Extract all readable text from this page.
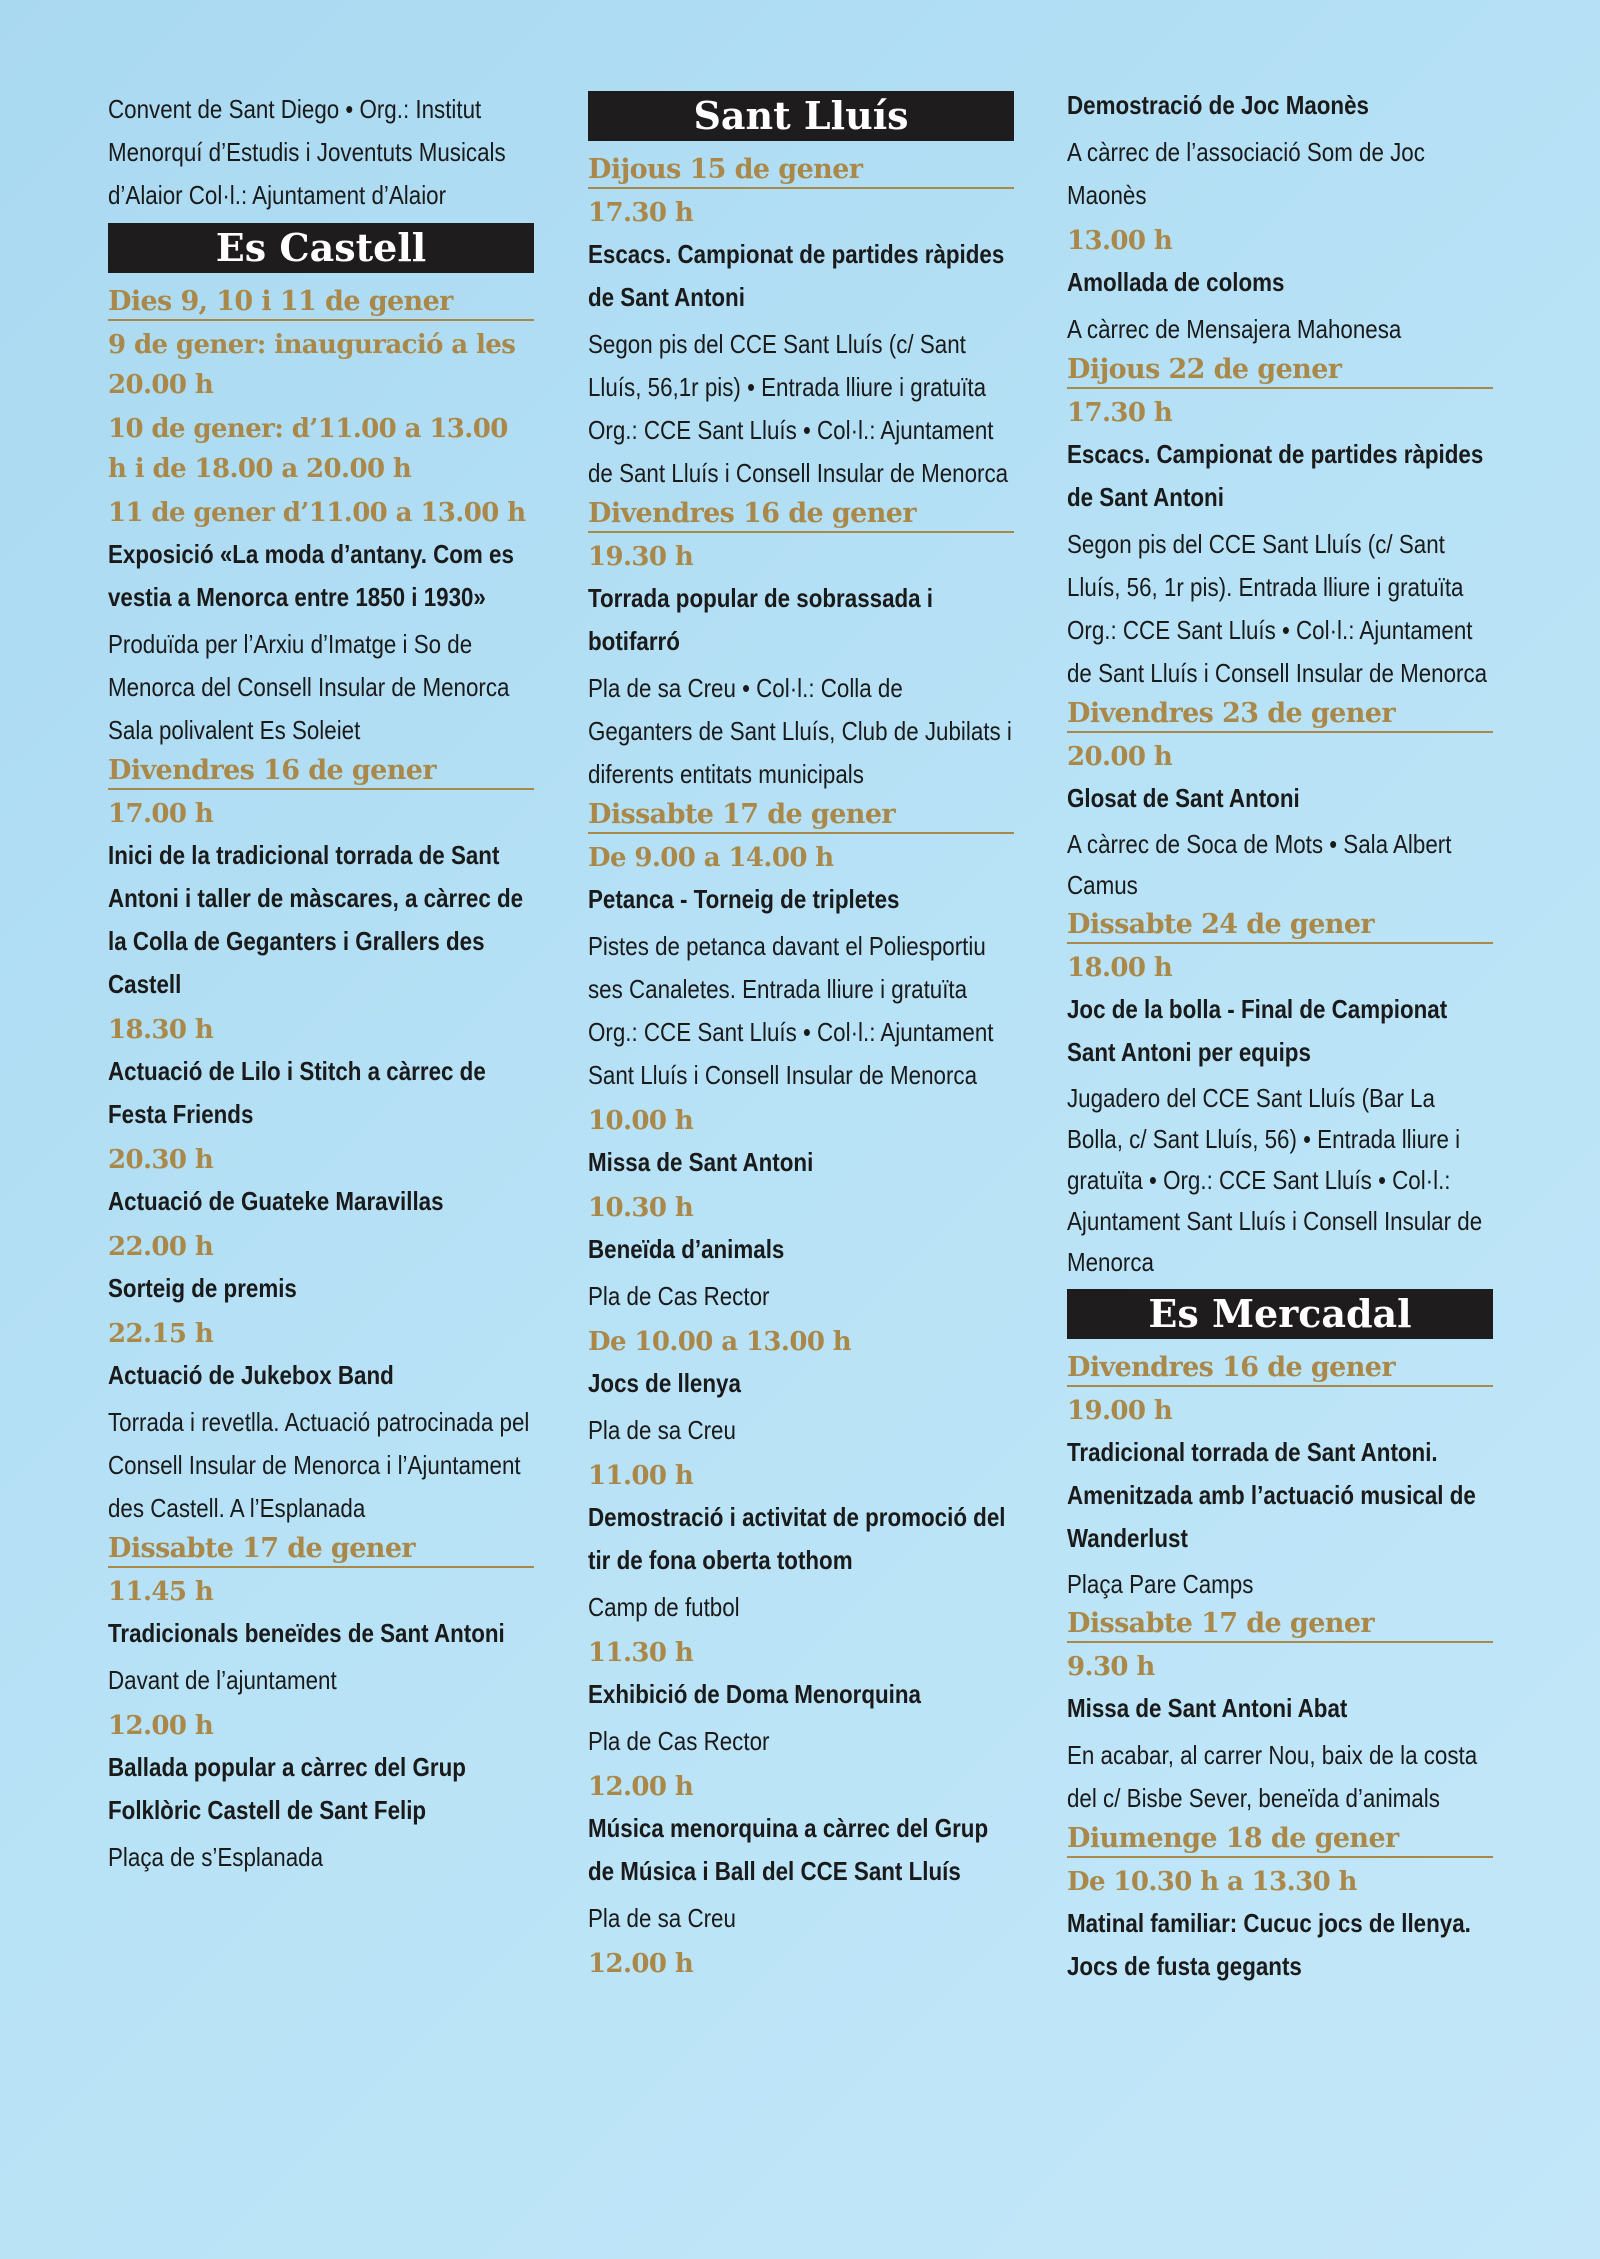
Convent de Sant Diego • Org.: Institut Menorquí d’Estudis i Joventuts Musicals d’Alaior Col·l.: Ajuntament d’Alaior
Es Castell
Dies 9, 10 i 11 de gener
9 de gener: inauguració a les 20.00 h
10 de gener: d’11.00 a 13.00 h i de 18.00 a 20.00 h
11 de gener d’11.00 a 13.00 h
Exposició «La moda d’antany. Com es vestia a Menorca entre 1850 i 1930»
Produïda per l’Arxiu d’Imatge i So de Menorca del Consell Insular de Menorca Sala polivalent Es Soleiet
Divendres 16 de gener
17.00 h
Inici de la tradicional torrada de Sant Antoni i taller de màscares, a càrrec de la Colla de Geganters i Grallers des Castell
18.30 h
Actuació de Lilo i Stitch a càrrec de Festa Friends
20.30 h
Actuació de Guateke Maravillas
22.00 h
Sorteig de premis
22.15 h
Actuació de Jukebox Band
Torrada i revetlla. Actuació patrocinada pel Consell Insular de Menorca i l’Ajuntament des Castell. A l’Esplanada
Dissabte 17 de gener
11.45 h
Tradicionals beneïdes de Sant Antoni
Davant de l’ajuntament
12.00 h
Ballada popular a càrrec del Grup Folklòric Castell de Sant Felip
Plaça de s’Esplanada
Sant Lluís
Dijous 15 de gener
17.30 h
Escacs. Campionat de partides ràpides de Sant Antoni
Segon pis del CCE Sant Lluís (c/ Sant Lluís, 56,1r pis) • Entrada lliure i gratuïta Org.: CCE Sant Lluís • Col·l.: Ajuntament de Sant Lluís i Consell Insular de Menorca
Divendres 16 de gener
19.30 h
Torrada popular de sobrassada i botifarró
Pla de sa Creu • Col·l.: Colla de Geganters de Sant Lluís, Club de Jubilats i diferents entitats municipals
Dissabte 17 de gener
De 9.00 a 14.00 h
Petanca - Torneig de tripletes
Pistes de petanca davant el Poliesportiu ses Canaletes. Entrada lliure i gratuïta Org.: CCE Sant Lluís • Col·l.: Ajuntament Sant Lluís i Consell Insular de Menorca
10.00 h
Missa de Sant Antoni
10.30 h
Beneïda d’animals
Pla de Cas Rector
De 10.00 a 13.00 h
Jocs de llenya
Pla de sa Creu
11.00 h
Demostració i activitat de promoció del tir de fona oberta tothom
Camp de futbol
11.30 h
Exhibició de Doma Menorquina
Pla de Cas Rector
12.00 h
Música menorquina a càrrec del Grup de Música i Ball del CCE Sant Lluís
Pla de sa Creu
12.00 h
Demostració de Joc Maonès
A càrrec de l’associació Som de Joc Maonès
13.00 h
Amollada de coloms
A càrrec de Mensajera Mahonesa
Dijous 22 de gener
17.30 h
Escacs. Campionat de partides ràpides de Sant Antoni
Segon pis del CCE Sant Lluís (c/ Sant Lluís, 56, 1r pis). Entrada lliure i gratuïta Org.: CCE Sant Lluís • Col·l.: Ajuntament de Sant Lluís i Consell Insular de Menorca
Divendres 23 de gener
20.00 h
Glosat de Sant Antoni
A càrrec de Soca de Mots • Sala Albert Camus
Dissabte 24 de gener
18.00 h
Joc de la bolla - Final de Campionat Sant Antoni per equips
Jugadero del CCE Sant Lluís (Bar La Bolla, c/ Sant Lluís, 56) • Entrada lliure i gratuïta • Org.: CCE Sant Lluís • Col·l.: Ajuntament Sant Lluís i Consell Insular de Menorca
Es Mercadal
Divendres 16 de gener
19.00 h
Tradicional torrada de Sant Antoni. Amenitzada amb l’actuació musical de Wanderlust
Plaça Pare Camps
Dissabte 17 de gener
9.30 h
Missa de Sant Antoni Abat
En acabar, al carrer Nou, baix de la costa del c/ Bisbe Sever, beneïda d’animals
Diumenge 18 de gener
De 10.30 h a 13.30 h
Matinal familiar: Cucuc jocs de llenya. Jocs de fusta gegants
